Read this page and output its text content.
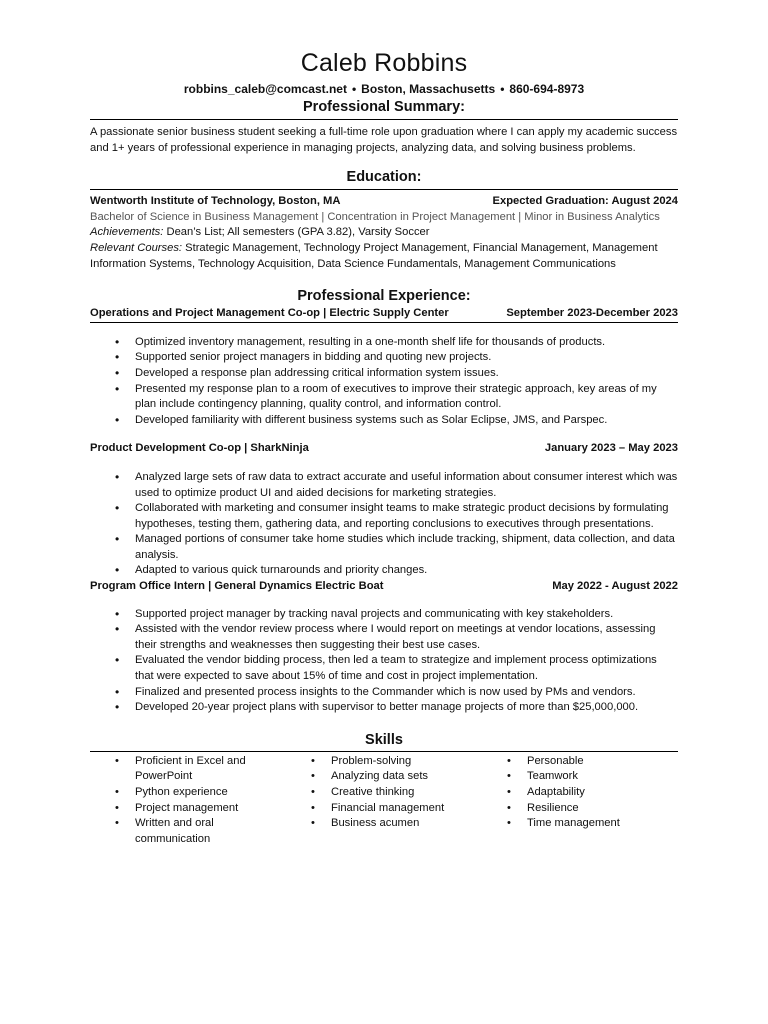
Caleb Robbins
robbins_caleb@comcast.net • Boston, Massachusetts • 860-694-8973
Professional Summary:
A passionate senior business student seeking a full-time role upon graduation where I can apply my academic success and 1+ years of professional experience in managing projects, analyzing data, and solving business problems.
Education:
Wentworth Institute of Technology, Boston, MA	Expected Graduation: August 2024
Bachelor of Science in Business Management | Concentration in Project Management | Minor in Business Analytics
Achievements: Dean’s List; All semesters (GPA 3.82), Varsity Soccer
Relevant Courses: Strategic Management, Technology Project Management, Financial Management, Management Information Systems, Technology Acquisition, Data Science Fundamentals, Management Communications
Professional Experience:
Operations and Project Management Co-op | Electric Supply Center	September 2023-December 2023
• Optimized inventory management, resulting in a one-month shelf life for thousands of products.
• Supported senior project managers in bidding and quoting new projects.
• Developed a response plan addressing critical information system issues.
• Presented my response plan to a room of executives to improve their strategic approach, key areas of my plan include contingency planning, quality control, and information control.
• Developed familiarity with different business systems such as Solar Eclipse, JMS, and Parspec.
Product Development Co-op | SharkNinja	January 2023 – May 2023
• Analyzed large sets of raw data to extract accurate and useful information about consumer interest which was used to optimize product UI and aided decisions for marketing strategies.
• Collaborated with marketing and consumer insight teams to make strategic product decisions by formulating hypotheses, testing them, gathering data, and reporting conclusions to executives through presentations.
• Managed portions of consumer take home studies which include tracking, shipment, data collection, and data analysis.
• Adapted to various quick turnarounds and priority changes.
Program Office Intern | General Dynamics Electric Boat	May 2022 - August 2022
• Supported project manager by tracking naval projects and communicating with key stakeholders.
• Assisted with the vendor review process where I would report on meetings at vendor locations, assessing their strengths and weaknesses then suggesting their best use cases.
• Evaluated the vendor bidding process, then led a team to strategize and implement process optimizations that were expected to save about 15% of time and cost in project implementation.
• Finalized and presented process insights to the Commander which is now used by PMs and vendors.
• Developed 20-year project plans with supervisor to better manage projects of more than $25,000,000.
Skills
• Proficient in Excel and PowerPoint
• Python experience
• Project management
• Written and oral communication
• Problem-solving
• Analyzing data sets
• Creative thinking
• Financial management
• Business acumen
• Personable
• Teamwork
• Adaptability
• Resilience
• Time management
